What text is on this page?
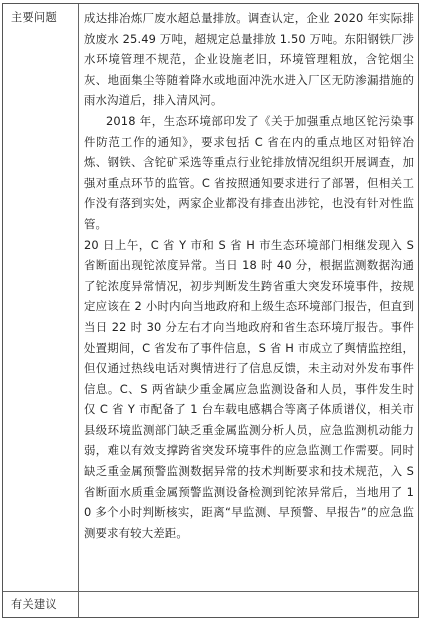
主要问题 成达排冶炼厂废水超总量排放。调查认定，企业 2020 年实际排放废水 25.49 万吨，超规定总量排放 1.50 万吨。东阳钢铁厂涉水环境管理不规范，企业设施老旧，环境管理粗放，含铊烟尘灰、地面集尘等随着降水或地面冲洗水进入厂区无防渗漏措施的雨水沟道后，排入清风河。

2018 年，生态环境部印发了《关于加强重点地区铊污染事件防范工作的通知》，要求包括 C 省在内的重点地区对铅锌冶炼、钢铁、含铊矿采选等重点行业铊排放情况组织开展调查，加强对重点环节的监管。C 省按照通知要求进行了部署，但相关工作没有落到实处，两家企业都没有排查出涉铊，也没有针对性监管。

20 日上午，C 省 Y 市和 S 省 H 市生态环境部门相继发现入 S 省断面出现铊浓度异常。当日 18 时 40 分，根据监测数据沟通了铊浓度异常情况，初步判断发生跨省重大突发环境事件，按规定应该在 2 小时内向当地政府和上级生态环境部门报告，但直到当日 22 时 30 分左右才向当地政府和省生态环境厅报告。事件处置期间，C 省发布了事件信息，S 省 H 市成立了舆情监控组，但仅通过热线电话对舆情进行了信息反馈，未主动对外发布事件信息。C、S 两省缺少重金属应急监测设备和人员，事件发生时仅 C 省 Y 市配备了 1 台车载电感耦合等离子体质谱仪，相关市县级环境监测部门缺乏重金属监测分析人员，应急监测机动能力弱，难以有效支撑跨省突发环境事件的应急监测工作需要。同时缺乏重金属预警监测数据异常的技术判断要求和技术规范，入 S 省断面水质重金属预警监测设备检测到铊浓异常后，当地用了 10 多个小时判断核实，距离“早监测、早预警、早报告”的应急监测要求有较大差距。

有关建议
